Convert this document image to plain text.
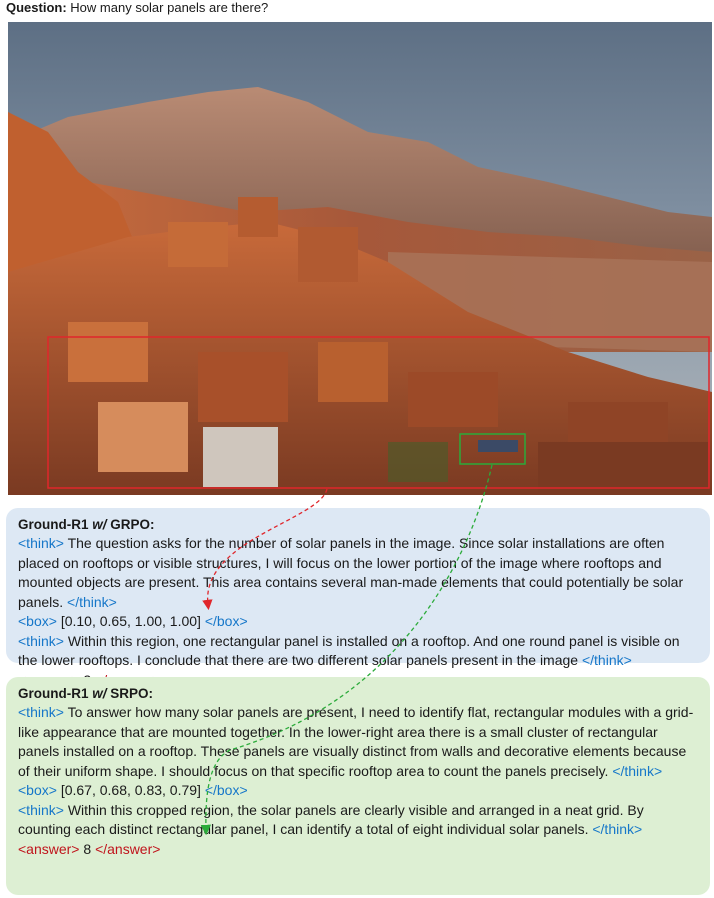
Question: How many solar panels are there?
Ground-R1 w/ GRPO:

<think> The question asks for the number of solar panels in the image. Since solar installations are often placed on rooftops or visible structures, I will focus on the lower portion of the image where rooftops and mounted objects are present. This area contains several man-made elements that could potentially be solar panels. </think>

<box> [0.10, 0.65, 1.00, 1.00] </box>

<think> Within this region, one rectangular panel is installed on a rooftop. And one round panel is visible on the lower rooftops. I conclude that there are two different solar panels present in the image </think>

Ground-R1 w/ SRPO:

<think> To answer how many solar panels are present, I need to identify flat, rectangular modules with a grid-like appearance that are mounted together. In the lower-right area there is a small cluster of rectangular panels installed on a rooftop. These panels are visually distinct from walls and decorative elements because of their uniform shape. I should focus on that specific rooftop area to count the panels precisely. </think>

<box> [0.67, 0.68, 0.83, 0.79] </box>

<think> Within this cropped region, the solar panels are clearly visible and arranged in a neat grid. By counting each distinct rectangular panel, I can identify a total of eight individual solar panels. </think>

<answer> 8 </answer>
